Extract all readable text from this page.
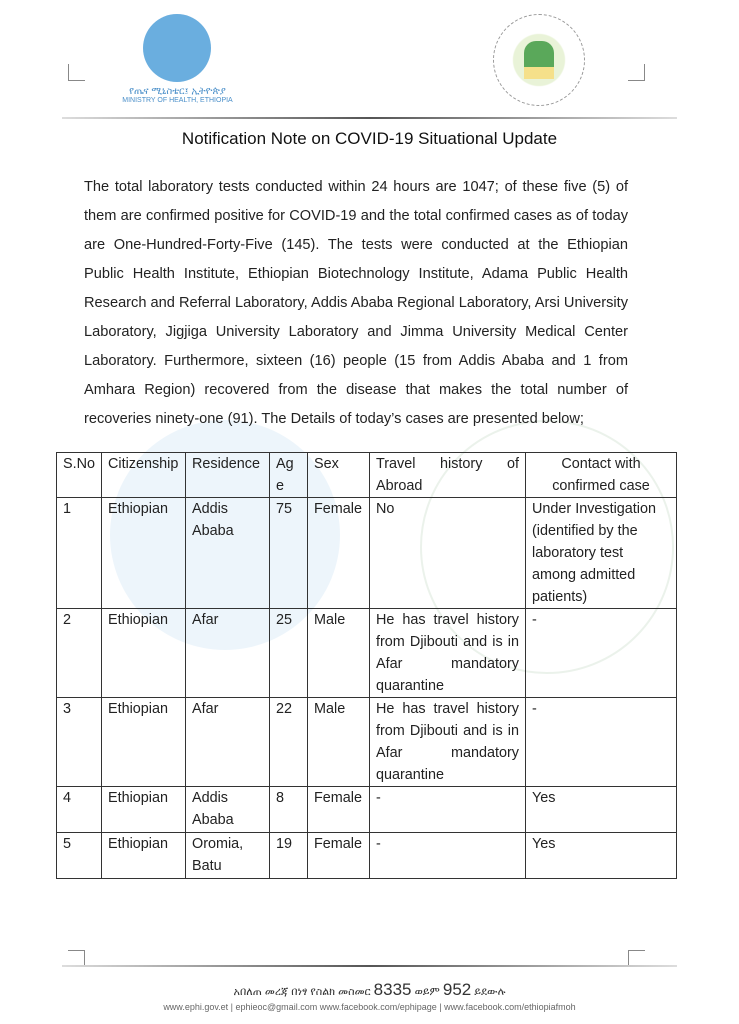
የጤና ሚኒስቴር፤ ኢትዮጵያ
MINISTRY OF HEALTH, ETHIOPIA
Notification Note on COVID-19 Situational Update
The total laboratory tests conducted within 24 hours are 1047; of these five (5) of them are confirmed positive for COVID-19 and the total confirmed cases as of today are One-Hundred-Forty-Five (145). The tests were conducted at the Ethiopian Public Health Institute, Ethiopian Biotechnology Institute, Adama Public Health Research and Referral Laboratory, Addis Ababa Regional Laboratory, Arsi University Laboratory, Jigjiga University Laboratory and Jimma University Medical Center Laboratory. Furthermore, sixteen (16) people (15 from Addis Ababa and 1 from Amhara Region) recovered from the disease that makes the total number of recoveries ninety-one (91). The Details of today’s cases are presented below;
S.No	Citizenship	Residence	Age	Sex	Travel history of Abroad	Contact with confirmed case
1	Ethiopian	Addis Ababa	75	Female	No	Under Investigation (identified by the laboratory test among admitted patients)
2	Ethiopian	Afar	25	Male	He has travel history from Djibouti and is in Afar mandatory quarantine	-
3	Ethiopian	Afar	22	Male	He has travel history from Djibouti and is in Afar mandatory quarantine	-
4	Ethiopian	Addis Ababa	8	Female	-	Yes
5	Ethiopian	Oromia, Batu	19	Female	-	Yes
አበለጠ መረጃ በነፃ የስልክ መስመር 8335 ወይም 952 ይደውሉ
www.ephi.gov.et | ephieoc@gmail.com www.facebook.com/ephipage | www.facebook.com/ethiopiafmoh
